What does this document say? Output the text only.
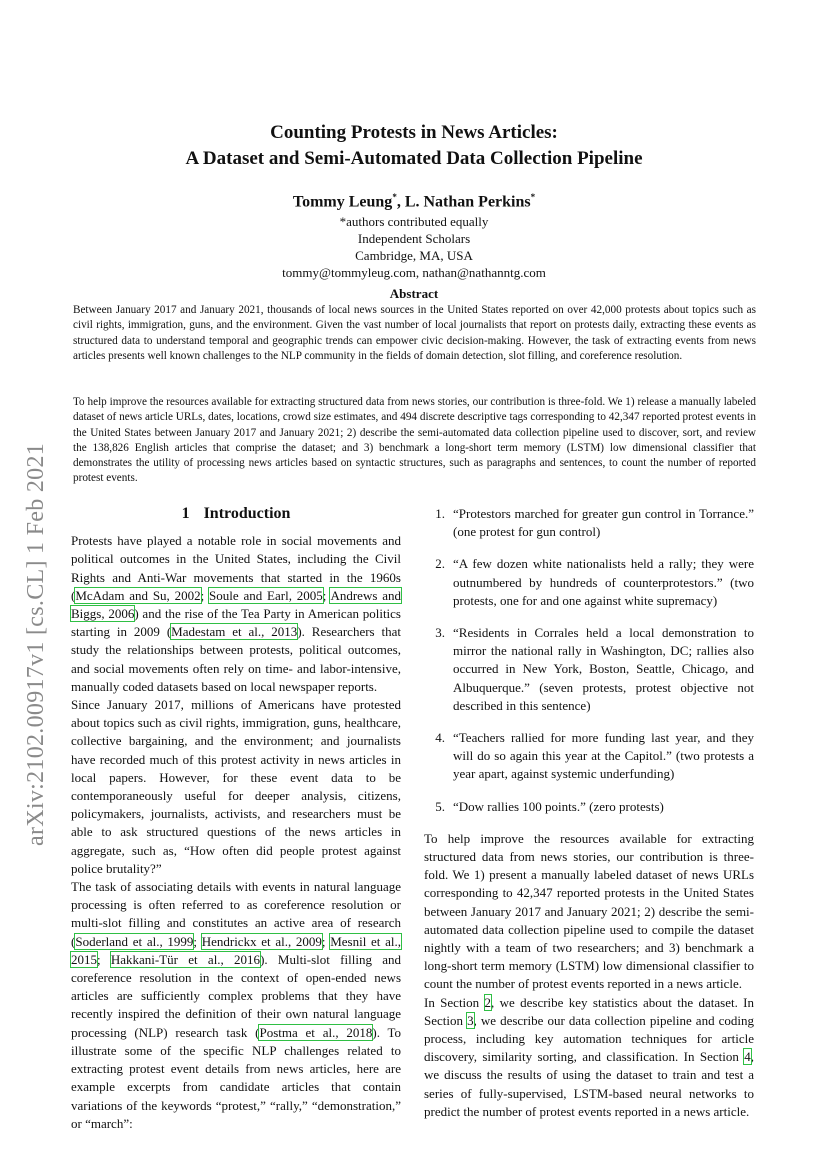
arXiv:2102.00917v1 [cs.CL] 1 Feb 2021
Counting Protests in News Articles:
A Dataset and Semi-Automated Data Collection Pipeline
Tommy Leung*, L. Nathan Perkins*
*authors contributed equally
Independent Scholars
Cambridge, MA, USA
tommy@tommyleug.com, nathan@nathanntg.com
Abstract

Between January 2017 and January 2021, thousands of local news sources in the United States reported on over 42,000 protests about topics such as civil rights, immigration, guns, and the environment. Given the vast number of local journalists that report on protests daily, extracting these events as structured data to understand temporal and geographic trends can empower civic decision-making. However, the task of extracting events from news articles presents well known challenges to the NLP community in the fields of domain detection, slot filling, and coreference resolution.

To help improve the resources available for extracting structured data from news stories, our contribution is three-fold. We 1) release a manually labeled dataset of news article URLs, dates, locations, crowd size estimates, and 494 discrete descriptive tags corresponding to 42,347 reported protest events in the United States between January 2017 and January 2021; 2) describe the semi-automated data collection pipeline used to discover, sort, and review the 138,826 English articles that comprise the dataset; and 3) benchmark a long-short term memory (LSTM) low dimensional classifier that demonstrates the utility of processing news articles based on syntactic structures, such as paragraphs and sentences, to count the number of reported protest events.

1 Introduction

Protests have played a notable role in social movements and political outcomes in the United States, including the Civil Rights and Anti-War movements that started in the 1960s (McAdam and Su, 2002; Soule and Earl, 2005; Andrews and Biggs, 2006) and the rise of the Tea Party in American politics starting in 2009 (Madestam et al., 2013). Researchers that study the relationships between protests, political outcomes, and social movements often rely on time- and labor-intensive, manually coded datasets based on local newspaper reports.

Since January 2017, millions of Americans have protested about topics such as civil rights, immigration, guns, healthcare, collective bargaining, and the environment; and journalists have recorded much of this protest activity in news articles in local papers. However, for these event data to be contemporaneously useful for deeper analysis, citizens, policymakers, journalists, activists, and researchers must be able to ask structured questions of the news articles in aggregate, such as, “How often did people protest against police brutality?”

The task of associating details with events in natural language processing is often referred to as coreference resolution or multi-slot filling and constitutes an active area of research (Soderland et al., 1999; Hendrickx et al., 2009; Mesnil et al., 2015; Hakkani-Tür et al., 2016). Multi-slot filling and coreference resolution in the context of open-ended news articles are sufficiently complex problems that they have recently inspired the definition of their own natural language processing (NLP) research task (Postma et al., 2018). To illustrate some of the specific NLP challenges related to extracting protest event details from news articles, here are example excerpts from candidate articles that contain variations of the keywords “protest,” “rally,” “demonstration,” or “march”:

1. “Protestors marched for greater gun control in Torrance.” (one protest for gun control)
2. “A few dozen white nationalists held a rally; they were outnumbered by hundreds of counterprotestors.” (two protests, one for and one against white supremacy)
3. “Residents in Corrales held a local demonstration to mirror the national rally in Washington, DC; rallies also occurred in New York, Boston, Seattle, Chicago, and Albuquerque.” (seven protests, protest objective not described in this sentence)
4. “Teachers rallied for more funding last year, and they will do so again this year at the Capitol.” (two protests a year apart, against systemic underfunding)
5. “Dow rallies 100 points.” (zero protests)

To help improve the resources available for extracting structured data from news stories, our contribution is three-fold. We 1) present a manually labeled dataset of news URLs corresponding to 42,347 reported protests in the United States between January 2017 and January 2021; 2) describe the semi-automated data collection pipeline used to compile the dataset nightly with a team of two researchers; and 3) benchmark a long-short term memory (LSTM) low dimensional classifier to count the number of protest events reported in a news article.

In Section 2, we describe key statistics about the dataset. In Section 3, we describe our data collection pipeline and coding process, including key automation techniques for article discovery, similarity sorting, and classification. In Section 4, we discuss the results of using the dataset to train and test a series of fully-supervised, LSTM-based neural networks to predict the number of protest events reported in a news article.
